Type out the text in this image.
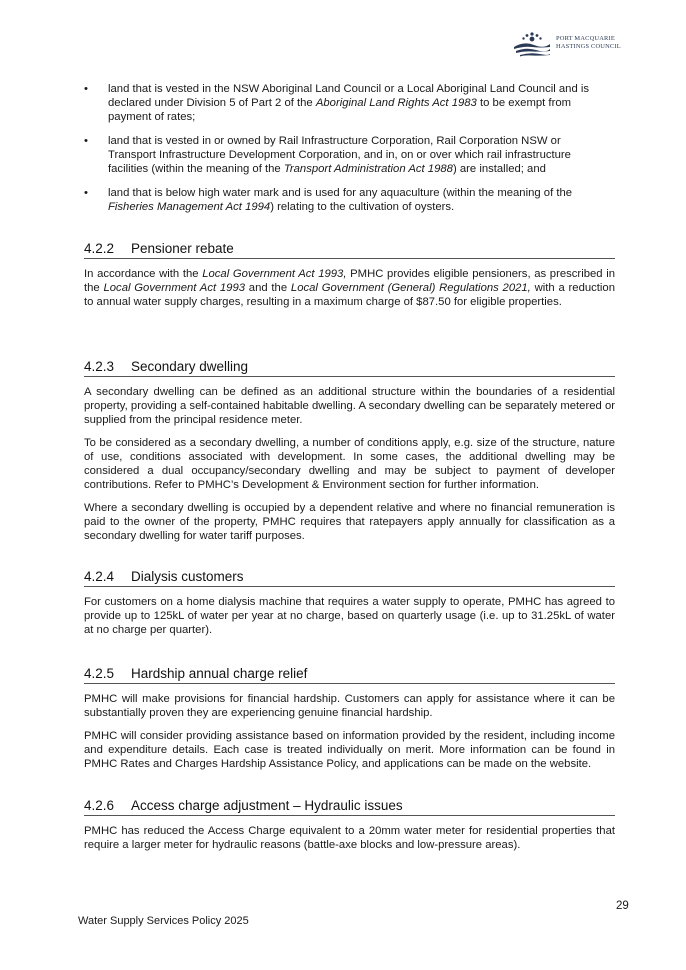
PORT MACQUARIE
HASTINGS COUNCIL
•	land that is vested in the NSW Aboriginal Land Council or a Local Aboriginal Land Council and is declared under Division 5 of Part 2 of the Aboriginal Land Rights Act 1983 to be exempt from payment of rates;
•	land that is vested in or owned by Rail Infrastructure Corporation, Rail Corporation NSW or Transport Infrastructure Development Corporation, and in, on or over which rail infrastructure facilities (within the meaning of the Transport Administration Act 1988) are installed; and
•	land that is below high water mark and is used for any aquaculture (within the meaning of the Fisheries Management Act 1994) relating to the cultivation of oysters.
4.2.2 Pensioner rebate

In accordance with the Local Government Act 1993, PMHC provides eligible pensioners, as prescribed in the Local Government Act 1993 and the Local Government (General) Regulations 2021, with a reduction to annual water supply charges, resulting in a maximum charge of $87.50 for eligible properties.

4.2.3 Secondary dwelling

A secondary dwelling can be defined as an additional structure within the boundaries of a residential property, providing a self-contained habitable dwelling. A secondary dwelling can be separately metered or supplied from the principal residence meter.

To be considered as a secondary dwelling, a number of conditions apply, e.g. size of the structure, nature of use, conditions associated with development. In some cases, the additional dwelling may be considered a dual occupancy/secondary dwelling and may be subject to payment of developer contributions. Refer to PMHC’s Development & Environment section for further information.

Where a secondary dwelling is occupied by a dependent relative and where no financial remuneration is paid to the owner of the property, PMHC requires that ratepayers apply annually for classification as a secondary dwelling for water tariff purposes.

4.2.4 Dialysis customers

For customers on a home dialysis machine that requires a water supply to operate, PMHC has agreed to provide up to 125kL of water per year at no charge, based on quarterly usage (i.e. up to 31.25kL of water at no charge per quarter).

4.2.5 Hardship annual charge relief

PMHC will make provisions for financial hardship. Customers can apply for assistance where it can be substantially proven they are experiencing genuine financial hardship.

PMHC will consider providing assistance based on information provided by the resident, including income and expenditure details. Each case is treated individually on merit. More information can be found in PMHC Rates and Charges Hardship Assistance Policy, and applications can be made on the website.

4.2.6 Access charge adjustment – Hydraulic issues

PMHC has reduced the Access Charge equivalent to a 20mm water meter for residential properties that require a larger meter for hydraulic reasons (battle-axe blocks and low-pressure areas).

29
Water Supply Services Policy 2025
